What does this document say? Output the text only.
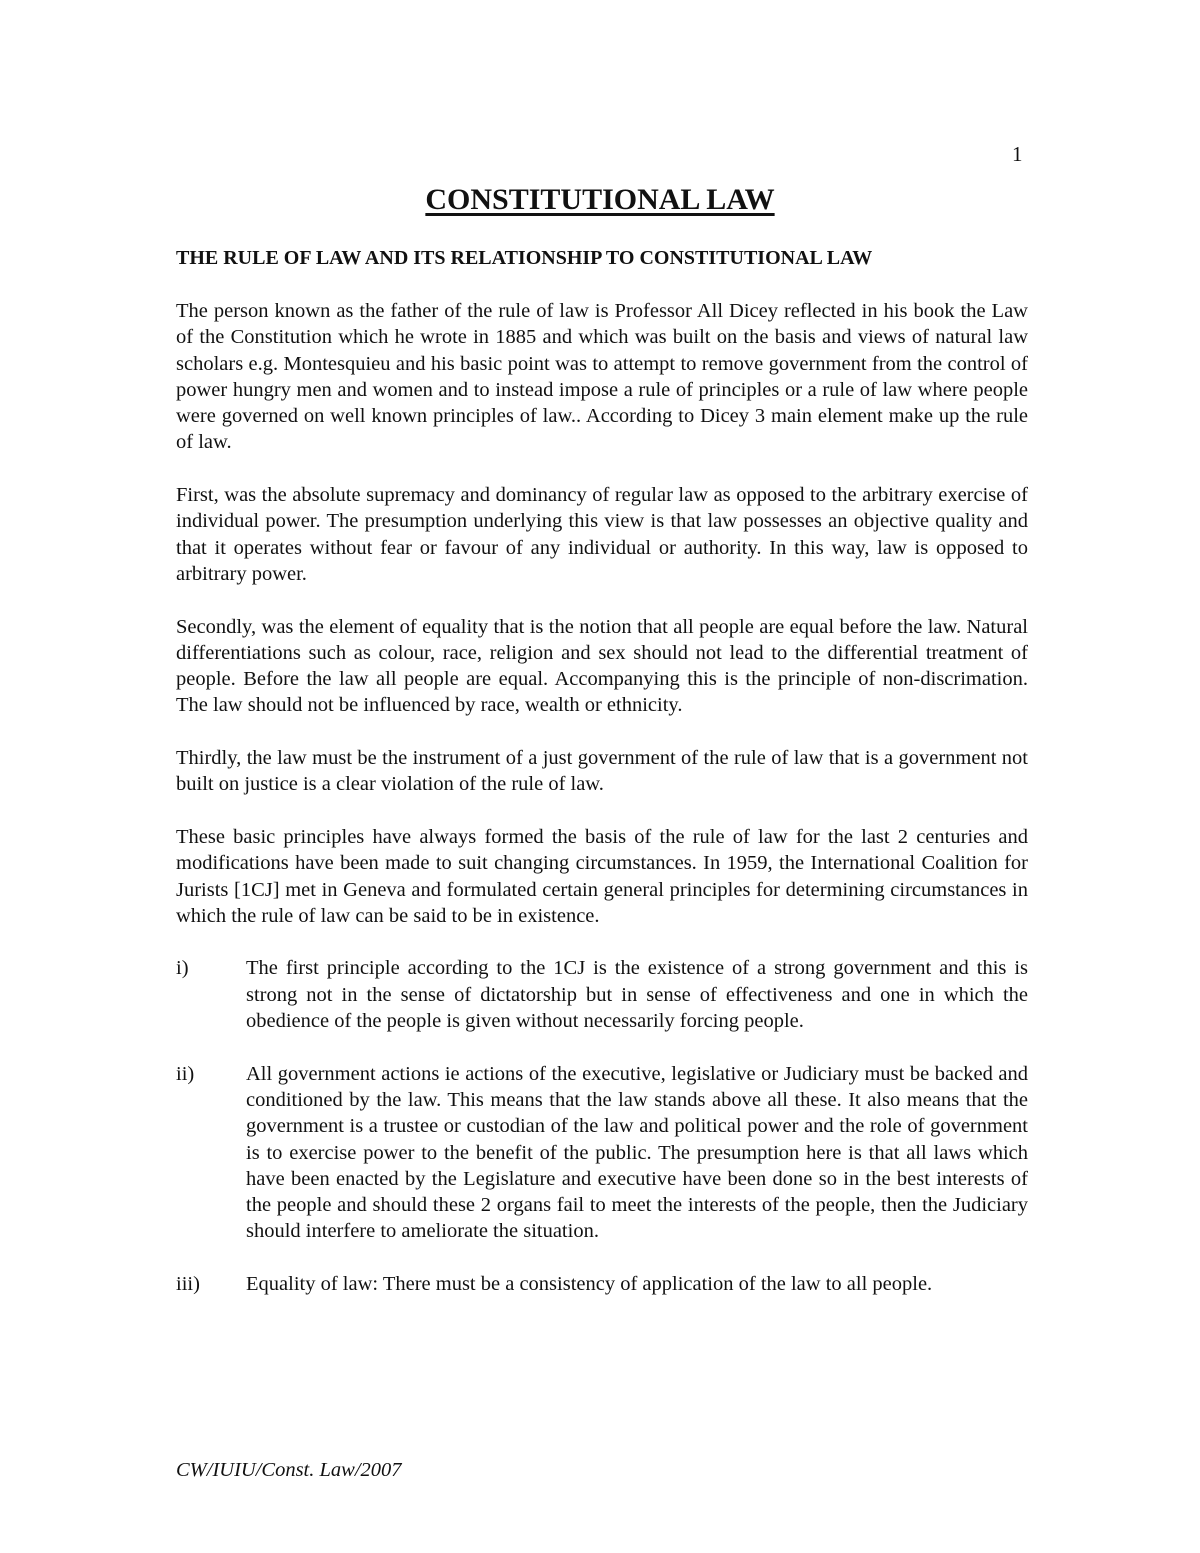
1
CONSTITUTIONAL LAW
THE RULE OF LAW AND ITS RELATIONSHIP TO CONSTITUTIONAL LAW

The person known as the father of the rule of law is Professor All Dicey reflected in his book the Law of the Constitution which he wrote in 1885 and which was built on the basis and views of natural law scholars e.g. Montesquieu and his basic point was to attempt to remove government from the control of power hungry men and women and to instead impose a rule of principles or a rule of law where people were governed on well known principles of law.. According to Dicey 3 main element make up the rule of law.

First, was the absolute supremacy and dominancy of regular law as opposed to the arbitrary exercise of individual power. The presumption underlying this view is that law possesses an objective quality and that it operates without fear or favour of any individual or authority. In this way, law is opposed to arbitrary power.

Secondly, was the element of equality that is the notion that all people are equal before the law. Natural differentiations such as colour, race, religion and sex should not lead to the differential treatment of people. Before the law all people are equal. Accompanying this is the principle of non-discrimation. The law should not be influenced by race, wealth or ethnicity.

Thirdly, the law must be the instrument of a just government of the rule of law that is a government not built on justice is a clear violation of the rule of law.

These basic principles have always formed the basis of the rule of law for the last 2 centuries and modifications have been made to suit changing circumstances. In 1959, the International Coalition for Jurists [1CJ] met in Geneva and formulated certain general principles for determining circumstances in which the rule of law can be said to be in existence.

i)	The first principle according to the 1CJ is the existence of a strong government and this is strong not in the sense of dictatorship but in sense of effectiveness and one in which the obedience of the people is given without necessarily forcing people.
ii)	All government actions ie actions of the executive, legislative or Judiciary must be backed and conditioned by the law. This means that the law stands above all these. It also means that the government is a trustee or custodian of the law and political power and the role of government is to exercise power to the benefit of the public. The presumption here is that all laws which have been enacted by the Legislature and executive have been done so in the best interests of the people and should these 2 organs fail to meet the interests of the people, then the Judiciary should interfere to ameliorate the situation.
iii)	Equality of law: There must be a consistency of application of the law to all people.
CW/IUIU/Const. Law/2007
